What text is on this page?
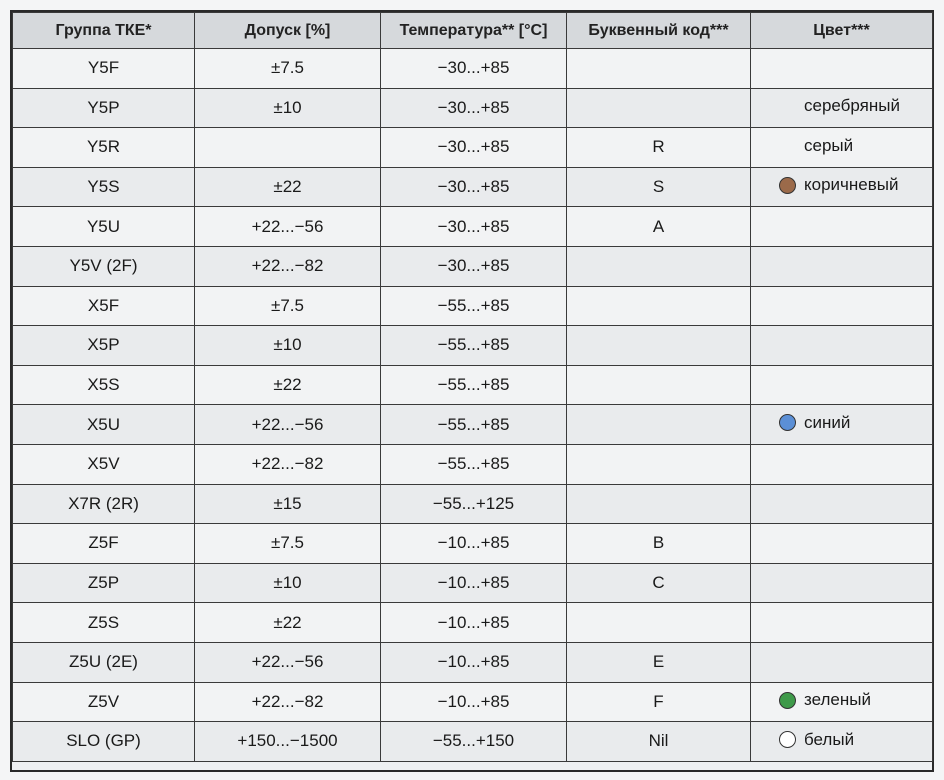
Группа ТКЕ*	Допуск [%]	Температура** [°С]	Буквенный код***	Цвет***
Y5F	±7.5	−30...+85		
Y5P	±10	−30...+85		серебряный

Y5R		−30...+85	R	серый

Y5S	±22	−30...+85	S	коричневый

Y5U	+22...−56	−30...+85	A	
Y5V (2F)	+22...−82	−30...+85		
X5F	±7.5	−55...+85		
X5P	±10	−55...+85		
X5S	±22	−55...+85		
X5U	+22...−56	−55...+85		синий

X5V	+22...−82	−55...+85		
X7R (2R)	±15	−55...+125		
Z5F	±7.5	−10...+85	B	
Z5P	±10	−10...+85	C	
Z5S	±22	−10...+85		
Z5U (2E)	+22...−56	−10...+85	E	
Z5V	+22...−82	−10...+85	F	зеленый

SLO (GP)	+150...−1500	−55...+150	Nil	белый
